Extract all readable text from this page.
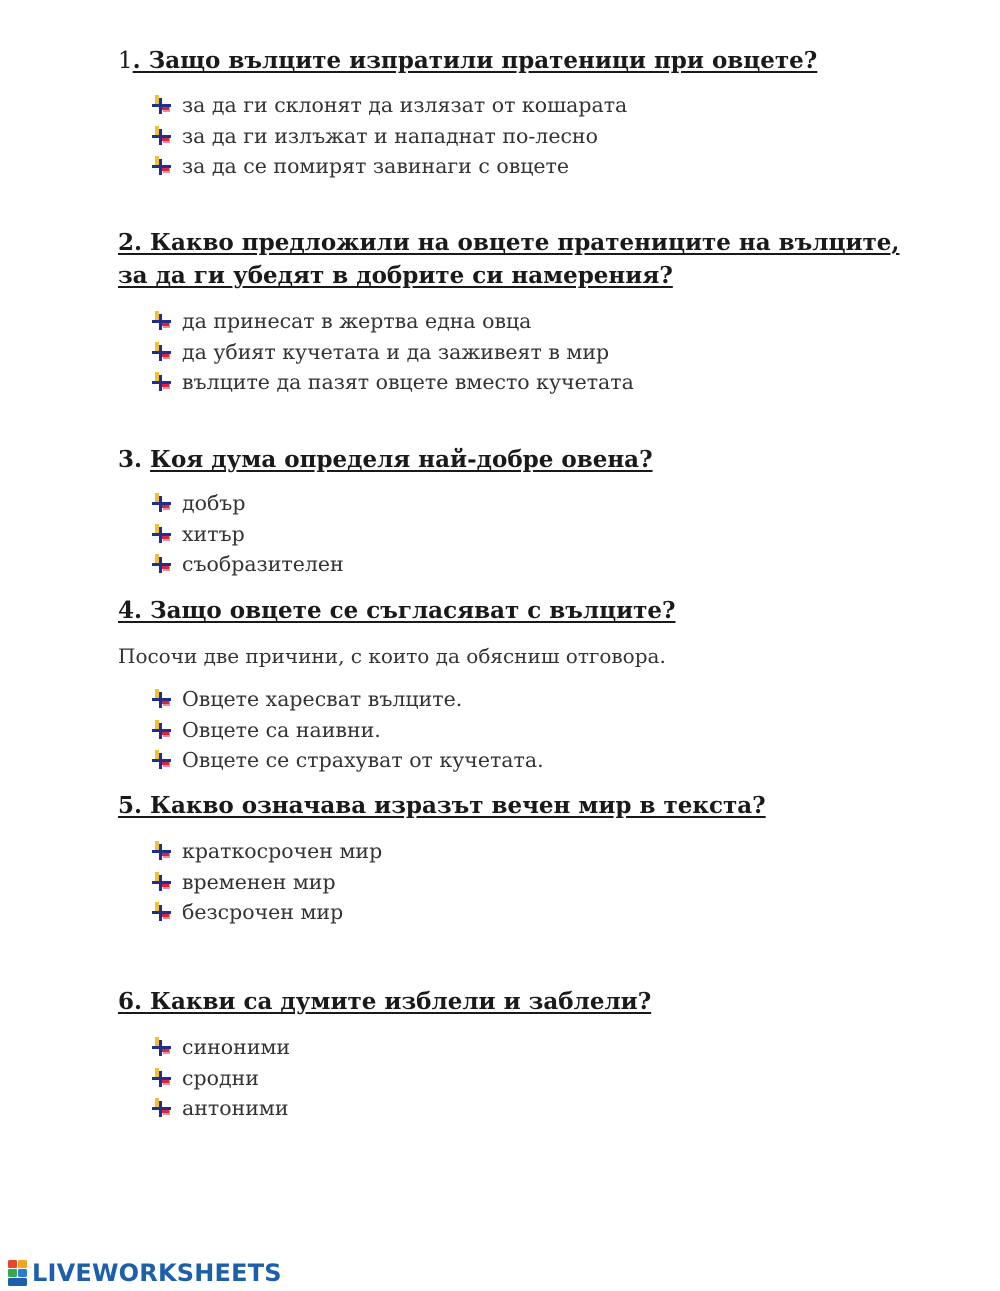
1. Защо вълците изпратили пратеници при овцете?

за да ги склонят да излязат от кошарата
за да ги излъжат и нападнат по-лесно
за да се помирят завинаги с овцете

2. Какво предложили на овцете пратениците на вълците,
за да ги убедят в добрите си намерения?

да принесат в жертва една овца
да убият кучетата и да заживеят в мир
вълците да пазят овцете вместо кучетата

3. Коя дума определя най-добре овена?

добър
хитър
съобразителен

4. Защо овцете се съгласяват с вълците?

Посочи две причини, с които да обясниш отговора.

Овцете харесват вълците.
Овцете са наивни.
Овцете се страхуват от кучетата.

5. Какво означава изразът вечен мир в текста?

краткосрочен мир
временен мир
безсрочен мир

6. Какви са думите изблели и заблели?

синоними
сродни
антоними
LIVEWORKSHEETS
